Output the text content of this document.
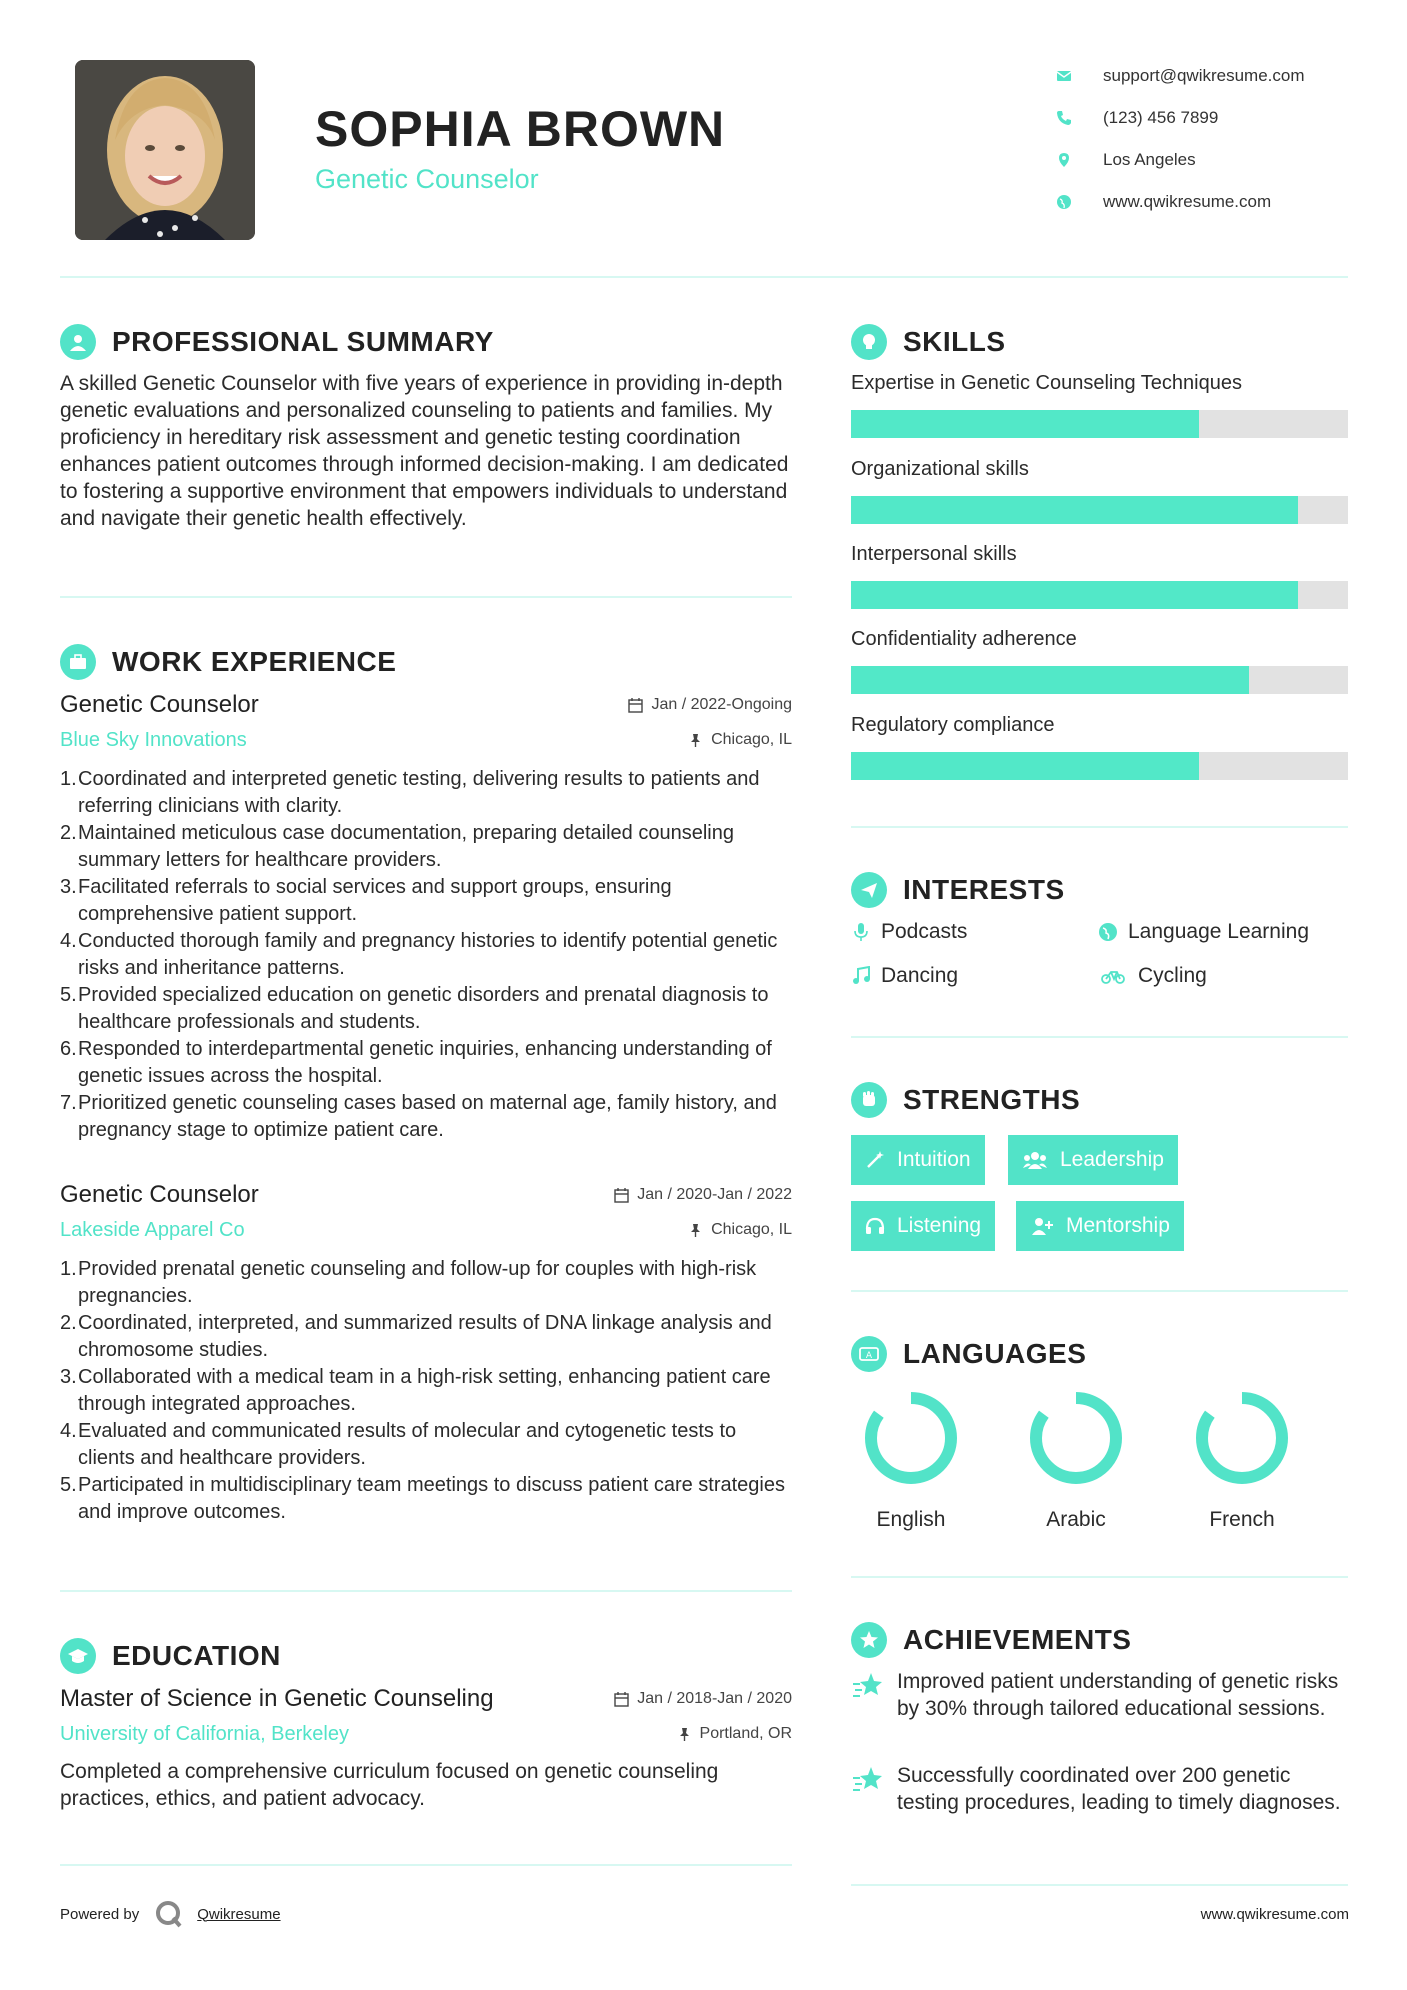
SOPHIA BROWN
Genetic Counselor
support@qwikresume.com
(123) 456 7899
Los Angeles
www.qwikresume.com
PROFESSIONAL SUMMARY
A skilled Genetic Counselor with five years of experience in providing in-depth genetic evaluations and personalized counseling to patients and families. My proficiency in hereditary risk assessment and genetic testing coordination enhances patient outcomes through informed decision-making. I am dedicated to fostering a supportive environment that empowers individuals to understand and navigate their genetic health effectively.
WORK EXPERIENCE
Genetic Counselor	Jan / 2022-Ongoing
Blue Sky Innovations	Chicago, IL
1. Coordinated and interpreted genetic testing, delivering results to patients and referring clinicians with clarity.
2. Maintained meticulous case documentation, preparing detailed counseling summary letters for healthcare providers.
3. Facilitated referrals to social services and support groups, ensuring comprehensive patient support.
4. Conducted thorough family and pregnancy histories to identify potential genetic risks and inheritance patterns.
5. Provided specialized education on genetic disorders and prenatal diagnosis to healthcare professionals and students.
6. Responded to interdepartmental genetic inquiries, enhancing understanding of genetic issues across the hospital.
7. Prioritized genetic counseling cases based on maternal age, family history, and pregnancy stage to optimize patient care.
Genetic Counselor	Jan / 2020-Jan / 2022
Lakeside Apparel Co	Chicago, IL
1. Provided prenatal genetic counseling and follow-up for couples with high-risk pregnancies.
2. Coordinated, interpreted, and summarized results of DNA linkage analysis and chromosome studies.
3. Collaborated with a medical team in a high-risk setting, enhancing patient care through integrated approaches.
4. Evaluated and communicated results of molecular and cytogenetic tests to clients and healthcare providers.
5. Participated in multidisciplinary team meetings to discuss patient care strategies and improve outcomes.
EDUCATION
Master of Science in Genetic Counseling	Jan / 2018-Jan / 2020
University of California, Berkeley	Portland, OR
Completed a comprehensive curriculum focused on genetic counseling practices, ethics, and patient advocacy.
SKILLS
Expertise in Genetic Counseling Techniques
Organizational skills
Interpersonal skills
Confidentiality adherence
Regulatory compliance
INTERESTS
Podcasts	Language Learning
Dancing	Cycling
STRENGTHS
Intuition	Leadership
Listening	Mentorship
A LANGUAGES
English	Arabic	French
ACHIEVEMENTS
Improved patient understanding of genetic risks by 30% through tailored educational sessions.
Successfully coordinated over 200 genetic testing procedures, leading to timely diagnoses.
Powered by	Qwikresume	www.qwikresume.com
